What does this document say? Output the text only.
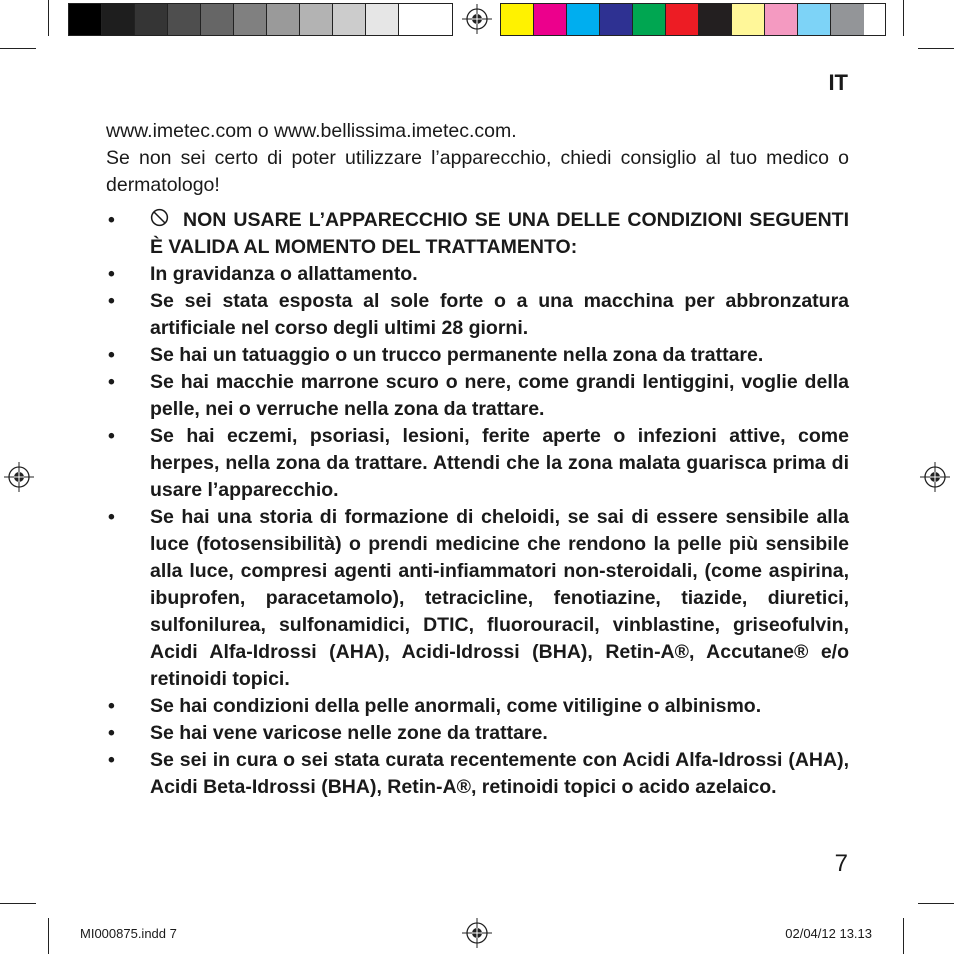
IT

www.imetec.com o www.bellissima.imetec.com.

Se non sei certo di poter utilizzare l’apparecchio, chiedi consiglio al tuo medico o dermatologo!

•	NON USARE L’APPARECCHIO SE UNA DELLE CONDIZIONI SEGUENTI È VALIDA AL MOMENTO DEL TRATTAMENTO:
• In gravidanza o allattamento.
• Se sei stata esposta al sole forte o a una macchina per abbronzatura artificiale nel corso degli ultimi 28 giorni.
• Se hai un tatuaggio o un trucco permanente nella zona da trattare.
• Se hai macchie marrone scuro o nere, come grandi lentiggini, voglie della pelle, nei o verruche nella zona da trattare.
• Se hai eczemi, psoriasi, lesioni, ferite aperte o infezioni attive, come herpes, nella zona da trattare. Attendi che la zona malata guarisca prima di usare l’apparecchio.
• Se hai una storia di formazione di cheloidi, se sai di essere sensibile alla luce (fotosensibilità) o prendi medicine che rendono la pelle più sensibile alla luce, compresi agenti anti-infiammatori non-steroidali, (come aspirina, ibuprofen, paracetamolo), tetracicline, fenotiazine, tiazide, diuretici, sulfonilurea, sulfonamidici, DTIC, fluorouracil, vinblastine, griseofulvin, Acidi Alfa-Idrossi (AHA), Acidi-Idrossi (BHA), Retin-A®, Accutane® e/o retinoidi topici.
• Se hai condizioni della pelle anormali, come vitiligine o albinismo.
• Se hai vene varicose nelle zone da trattare.
• Se sei in cura o sei stata curata recentemente con Acidi Alfa-Idrossi (AHA), Acidi Beta-Idrossi (BHA), Retin-A®, retinoidi topici o acido azelaico.
7
MI000875.indd 7	02/04/12 13.13
